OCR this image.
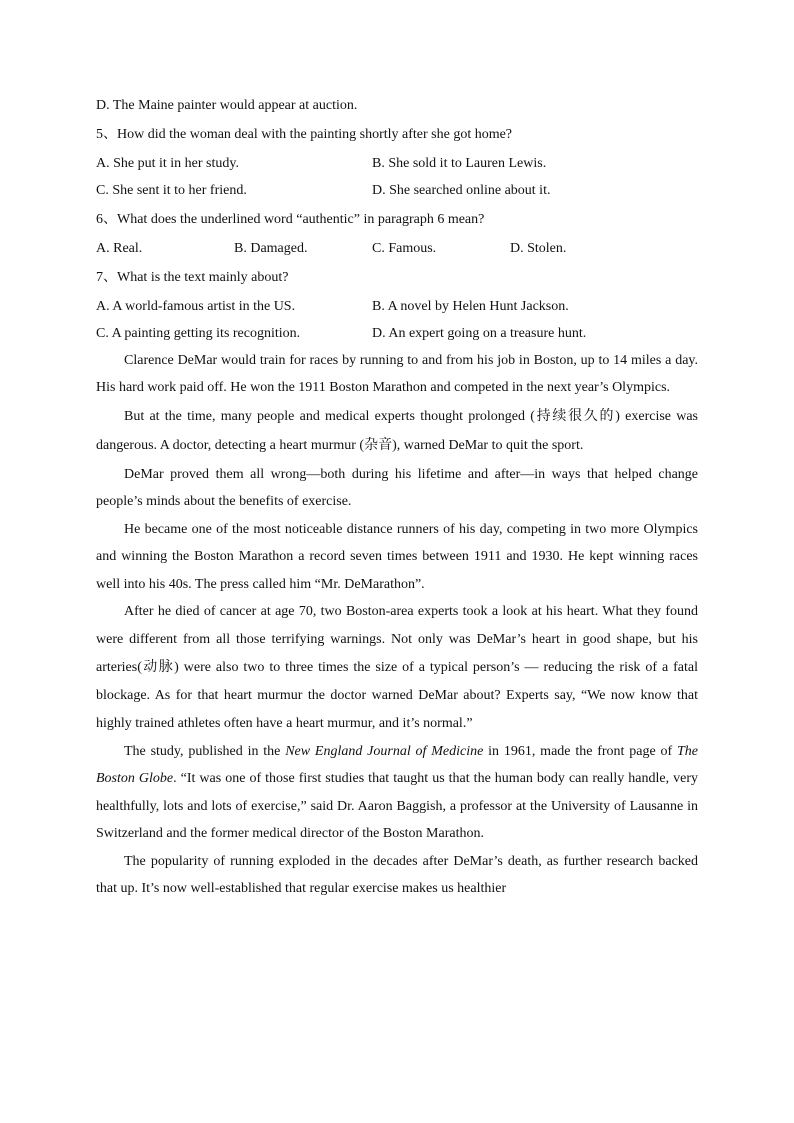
D. The Maine painter would appear at auction.
5、How did the woman deal with the painting shortly after she got home?
A. She put it in her study.	B. She sold it to Lauren Lewis.
C. She sent it to her friend.	D. She searched online about it.
6、What does the underlined word “authentic” in paragraph 6 mean?
A. Real.	B. Damaged.	C. Famous.	D. Stolen.
7、What is the text mainly about?
A. A world-famous artist in the US.	B. A novel by Helen Hunt Jackson.
C. A painting getting its recognition.	D. An expert going on a treasure hunt.

Clarence DeMar would train for races by running to and from his job in Boston, up to 14 miles a day. His hard work paid off. He won the 1911 Boston Marathon and competed in the next year’s Olympics.

But at the time, many people and medical experts thought prolonged (持续很久的) exercise was dangerous. A doctor, detecting a heart murmur (杂音), warned DeMar to quit the sport.

DeMar proved them all wrong—both during his lifetime and after—in ways that helped change people’s minds about the benefits of exercise.

He became one of the most noticeable distance runners of his day, competing in two more Olympics and winning the Boston Marathon a record seven times between 1911 and 1930. He kept winning races well into his 40s. The press called him “Mr. DeMarathon”.

After he died of cancer at age 70, two Boston-area experts took a look at his heart. What they found were different from all those terrifying warnings. Not only was DeMar’s heart in good shape, but his arteries(动脉) were also two to three times the size of a typical person’s — reducing the risk of a fatal blockage. As for that heart murmur the doctor warned DeMar about? Experts say, “We now know that highly trained athletes often have a heart murmur, and it’s normal.”

The study, published in the New England Journal of Medicine in 1961, made the front page of The Boston Globe. “It was one of those first studies that taught us that the human body can really handle, very healthfully, lots and lots of exercise,” said Dr. Aaron Baggish, a professor at the University of Lausanne in Switzerland and the former medical director of the Boston Marathon.

The popularity of running exploded in the decades after DeMar’s death, as further research backed that up. It’s now well-established that regular exercise makes us healthier
